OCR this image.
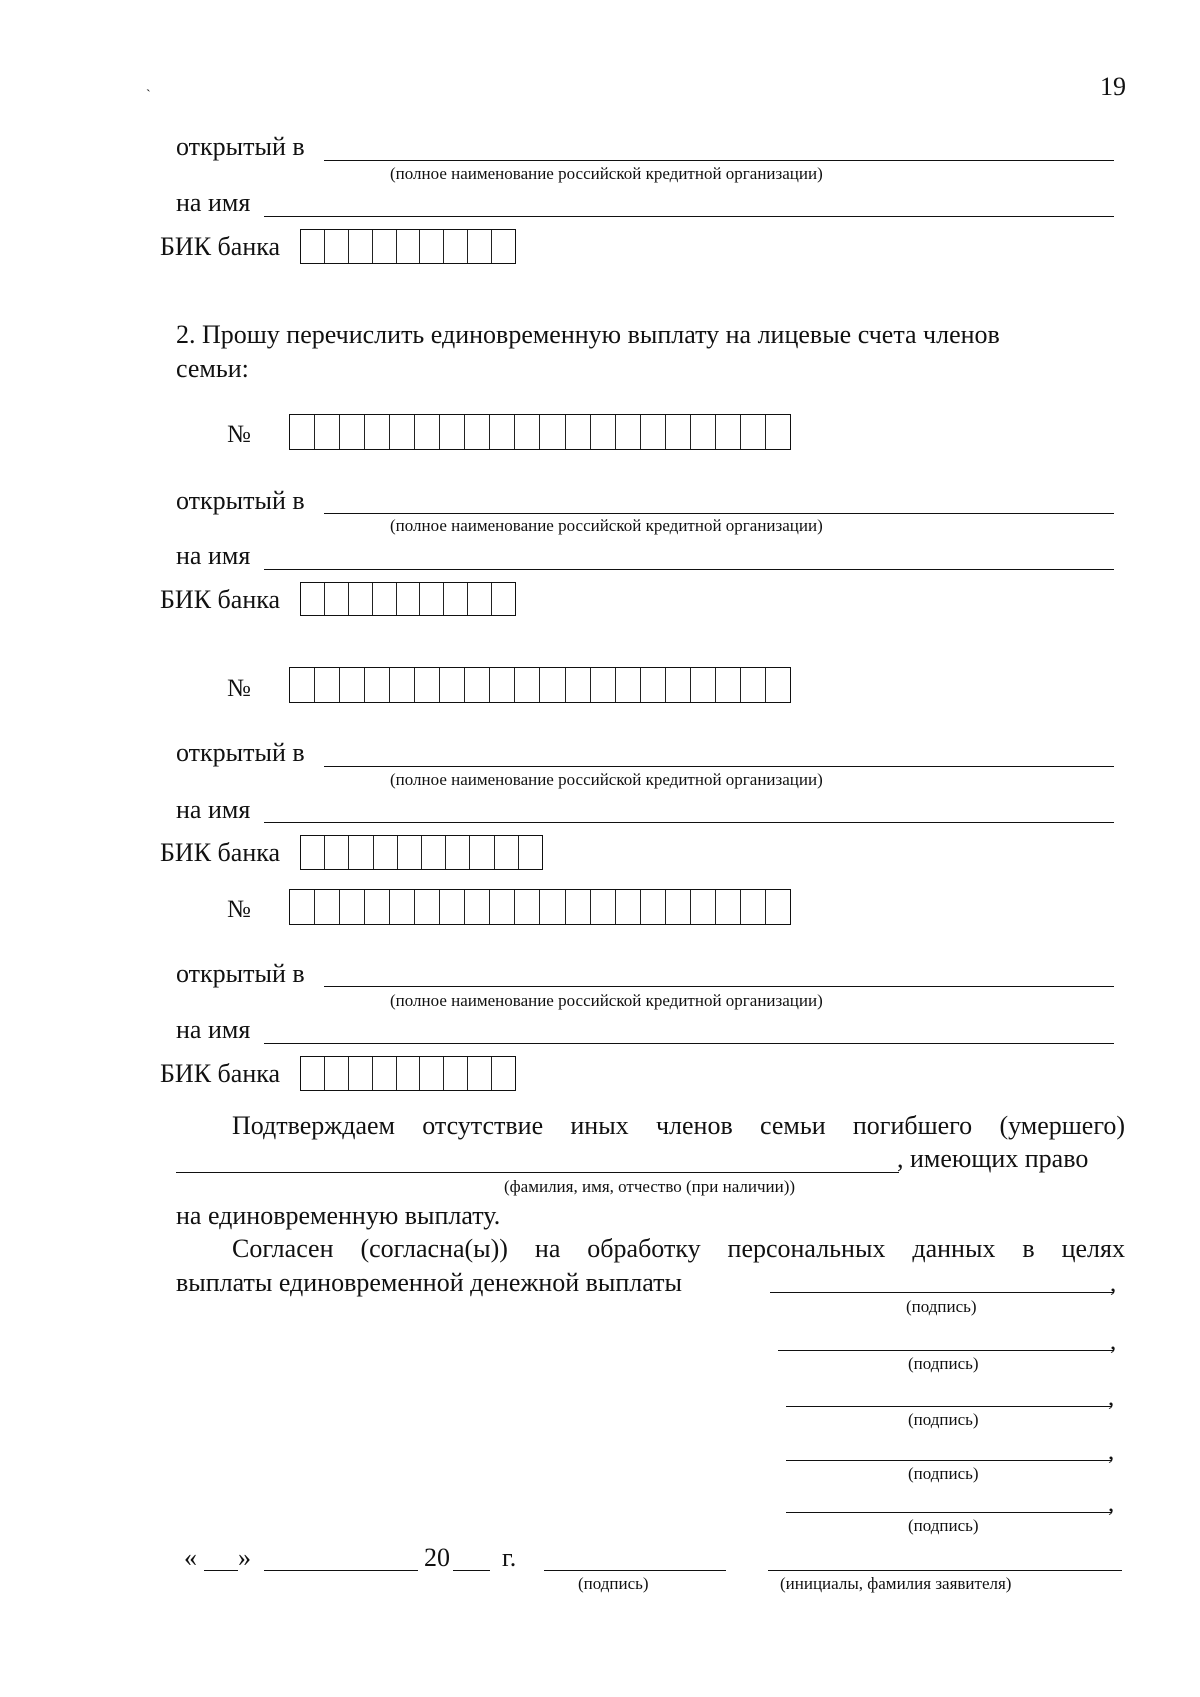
19
`
открытый в
(полное наименование российской кредитной организации)
на имя
БИК банка
2. Прошу перечислить единовременную выплату на лицевые счета членов
семьи:
№
открытый в
(полное наименование российской кредитной организации)
на имя
БИК банка
№
открытый в
(полное наименование российской кредитной организации)
на имя
БИК банка
№
открытый в
(полное наименование российской кредитной организации)
на имя
БИК банка
Подтверждаем отсутствие иных членов семьи погибшего (умершего)
, имеющих право
(фамилия, имя, отчество (при наличии))
на единовременную выплату.
Согласен (согласна(ы)) на обработку персональных данных в целях
выплаты единовременной денежной выплаты	,
(подпись)
,
(подпись)
,
(подпись)
,
(подпись)
,
(подпись)
« »	20 г.
(подпись)	(инициалы, фамилия заявителя)
